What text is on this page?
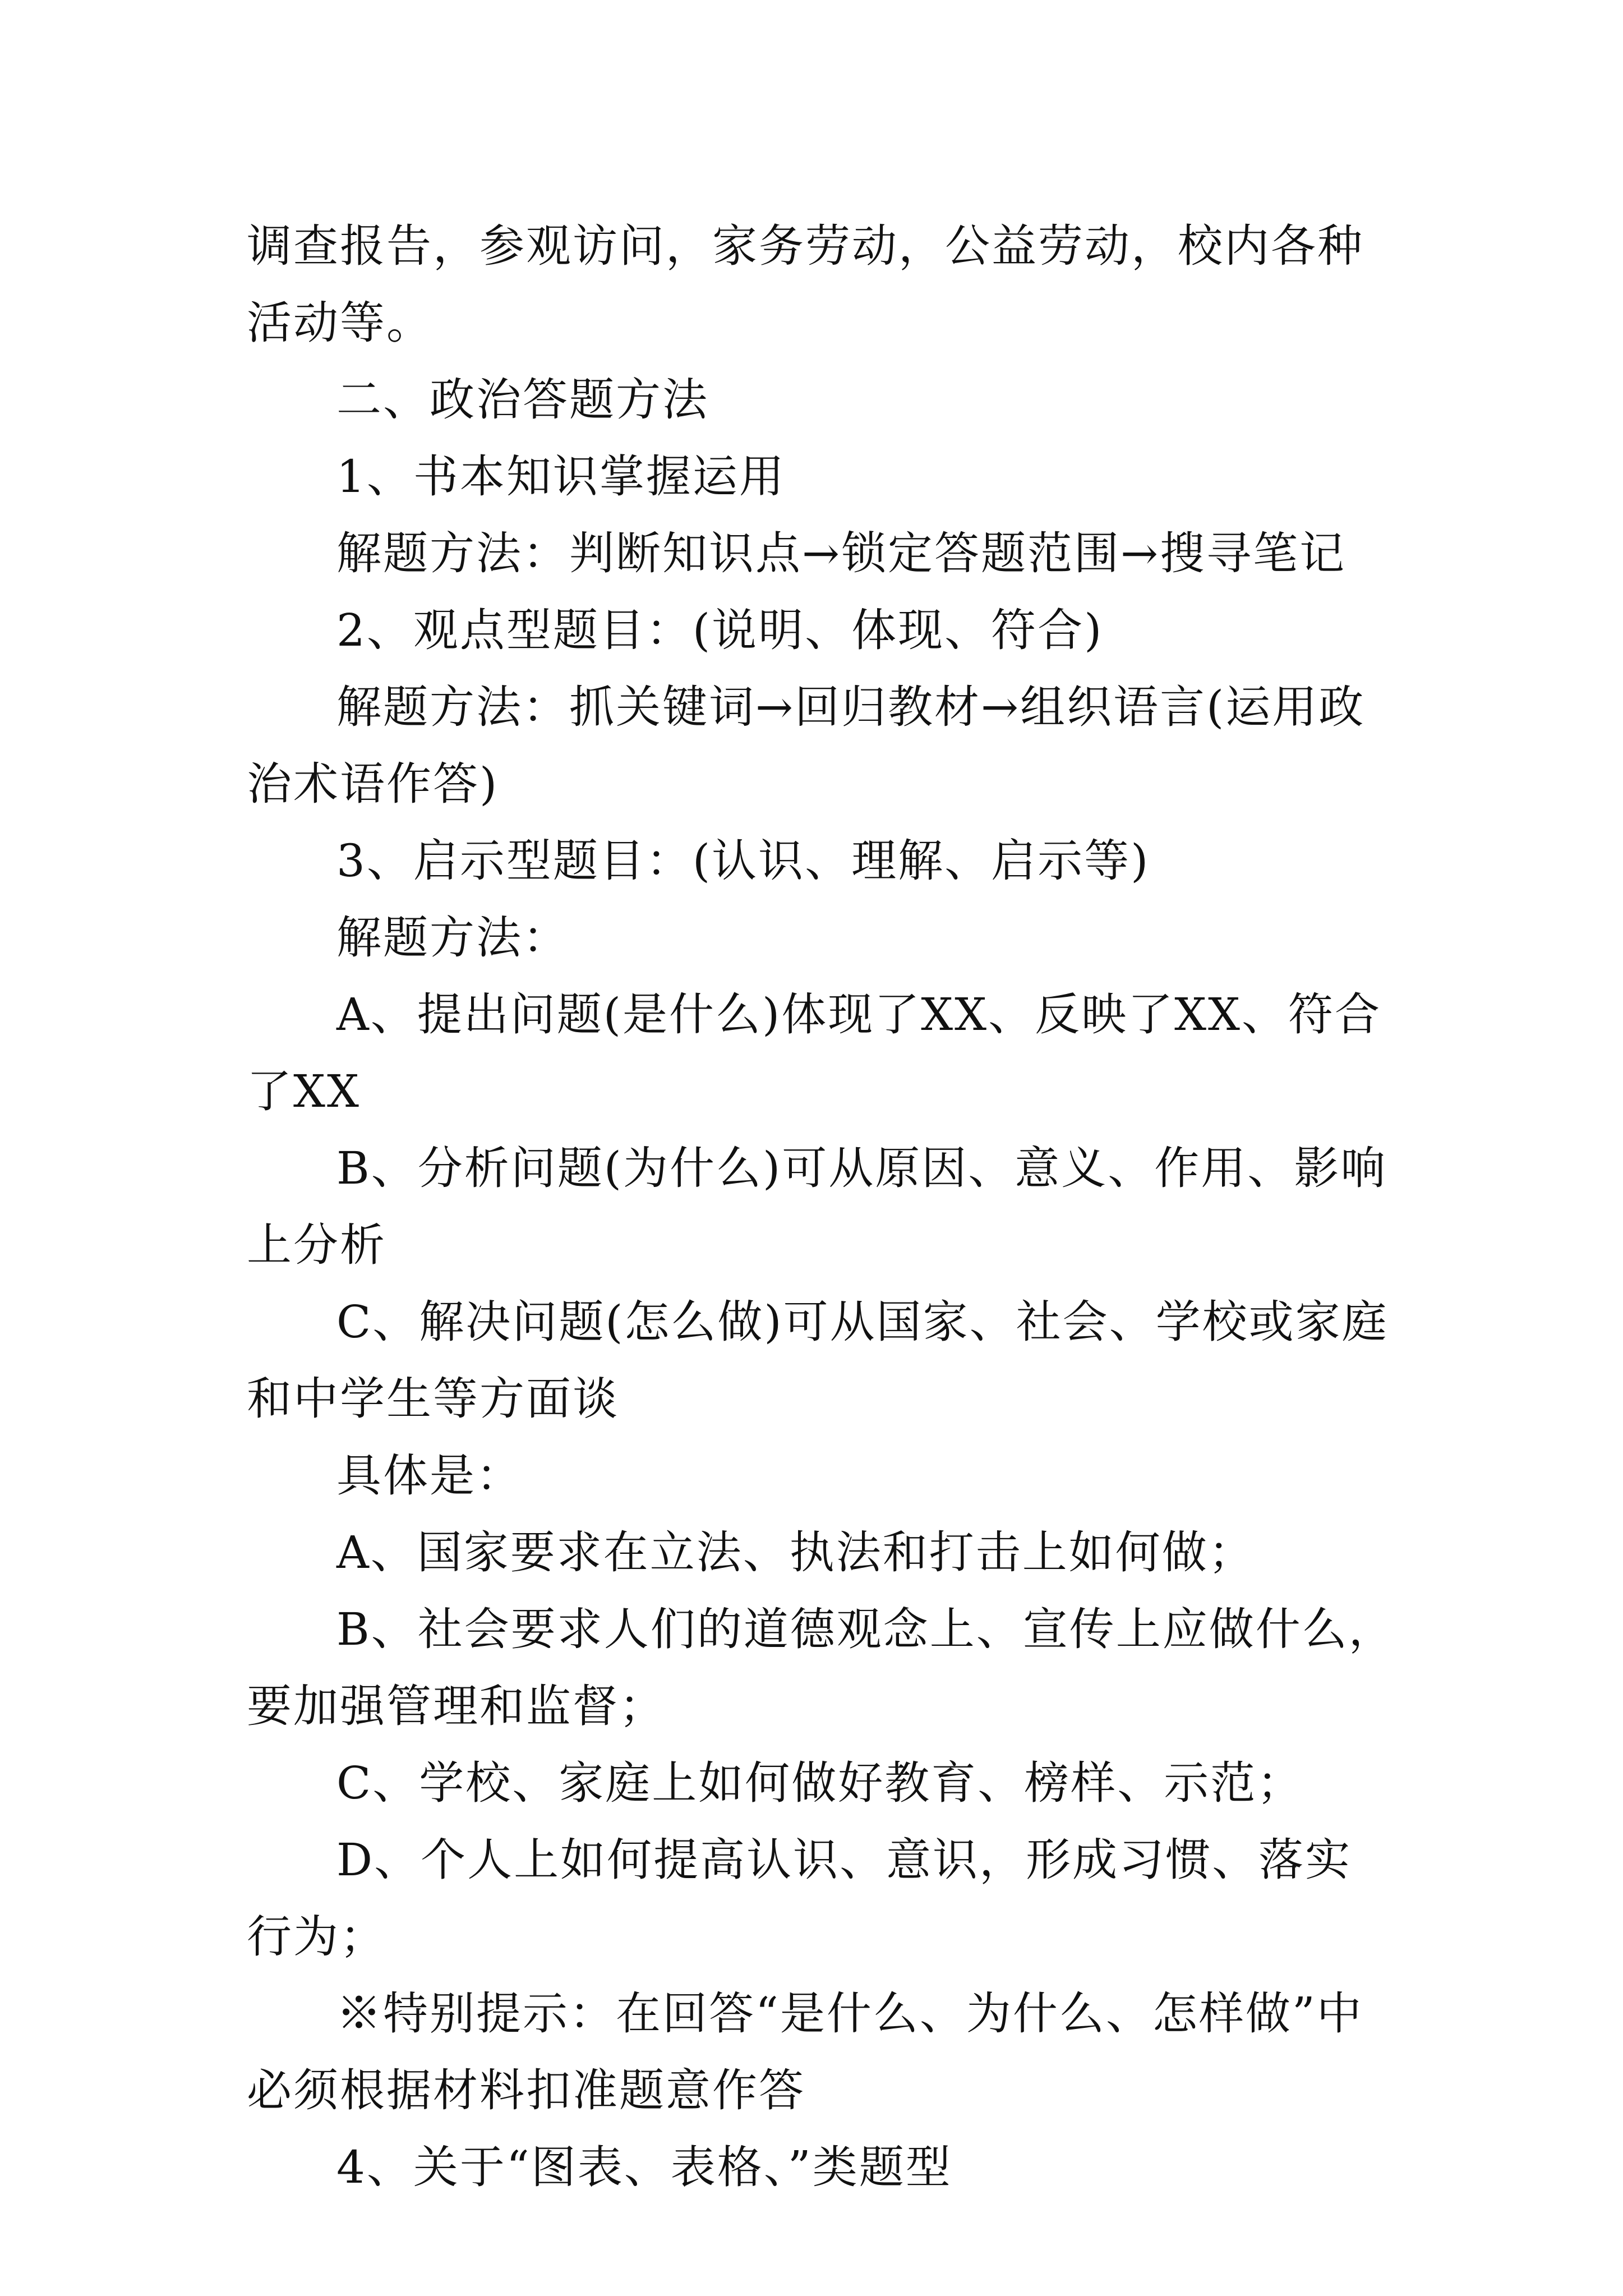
调查报告，参观访问，家务劳动，公益劳动，校内各种活动等。

二、政治答题方法

1、书本知识掌握运用

解题方法：判断知识点→锁定答题范围→搜寻笔记

2、观点型题目：(说明、体现、符合)

解题方法：抓关键词→回归教材→组织语言(运用政治术语作答)

3、启示型题目：(认识、理解、启示等)

解题方法：

A、提出问题(是什么)体现了XX、反映了XX、符合了XX

B、分析问题(为什么)可从原因、意义、作用、影响上分析

C、解决问题(怎么做)可从国家、社会、学校或家庭和中学生等方面谈

具体是：

A、国家要求在立法、执法和打击上如何做；

B、社会要求人们的道德观念上、宣传上应做什么，要加强管理和监督；

C、学校、家庭上如何做好教育、榜样、示范；

D、个人上如何提高认识、意识，形成习惯、落实行为；

※特别提示：在回答“是什么、为什么、怎样做”中必须根据材料扣准题意作答

4、关于“图表、表格、”类题型
